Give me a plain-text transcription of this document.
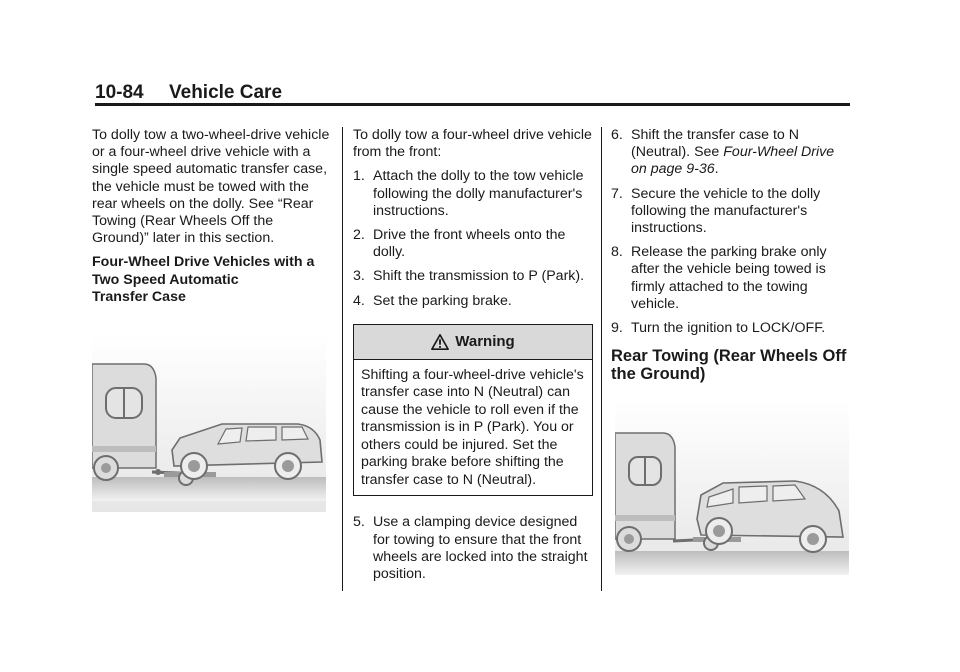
10-84 Vehicle Care

To dolly tow a two-wheel-drive vehicle or a four-wheel drive vehicle with a single speed automatic transfer case, the vehicle must be towed with the rear wheels on the dolly. See “Rear Towing (Rear Wheels Off the Ground)” later in this section.

Four-Wheel Drive Vehicles with a
Two Speed Automatic
Transfer Case

To dolly tow a four-wheel drive vehicle from the front:

1. Attach the dolly to the tow vehicle following the dolly manufacturer's instructions.
2. Drive the front wheels onto the dolly.
3. Shift the transmission to P (Park).
4. Set the parking brake.
Warning
Shifting a four-wheel-drive vehicle's transfer case into N (Neutral) can cause the vehicle to roll even if the transmission is in P (Park). You or others could be injured. Set the parking brake before shifting the transfer case to N (Neutral).
5. Use a clamping device designed for towing to ensure that the front wheels are locked into the straight position.
6. Shift the transfer case to N (Neutral). See Four-Wheel Drive on page 9-36.
7. Secure the vehicle to the dolly following the manufacturer's instructions.
8. Release the parking brake only after the vehicle being towed is firmly attached to the towing vehicle.
9. Turn the ignition to LOCK/OFF.
Rear Towing (Rear Wheels Off the Ground)
